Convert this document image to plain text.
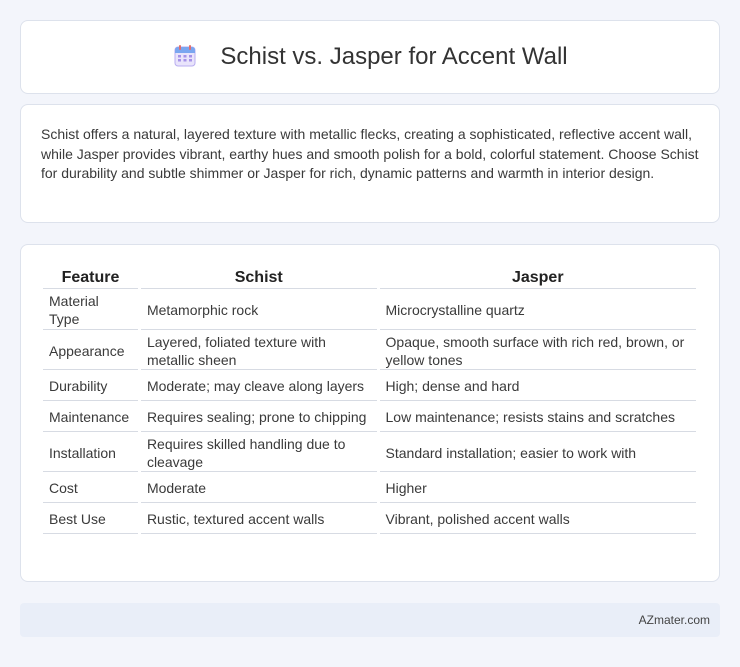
Schist vs. Jasper for Accent Wall

Schist offers a natural, layered texture with metallic flecks, creating a sophisticated, reflective accent wall, while Jasper provides vibrant, earthy hues and smooth polish for a bold, colorful statement. Choose Schist for durability and subtle shimmer or Jasper for rich, dynamic patterns and warmth in interior design.

Feature	Schist	Jasper
Material Type	Metamorphic rock	Microcrystalline quartz
Appearance	Layered, foliated texture with metallic sheen	Opaque, smooth surface with rich red, brown, or yellow tones
Durability	Moderate; may cleave along layers	High; dense and hard
Maintenance	Requires sealing; prone to chipping	Low maintenance; resists stains and scratches
Installation	Requires skilled handling due to cleavage	Standard installation; easier to work with
Cost	Moderate	Higher
Best Use	Rustic, textured accent walls	Vibrant, polished accent walls
AZmater.com
